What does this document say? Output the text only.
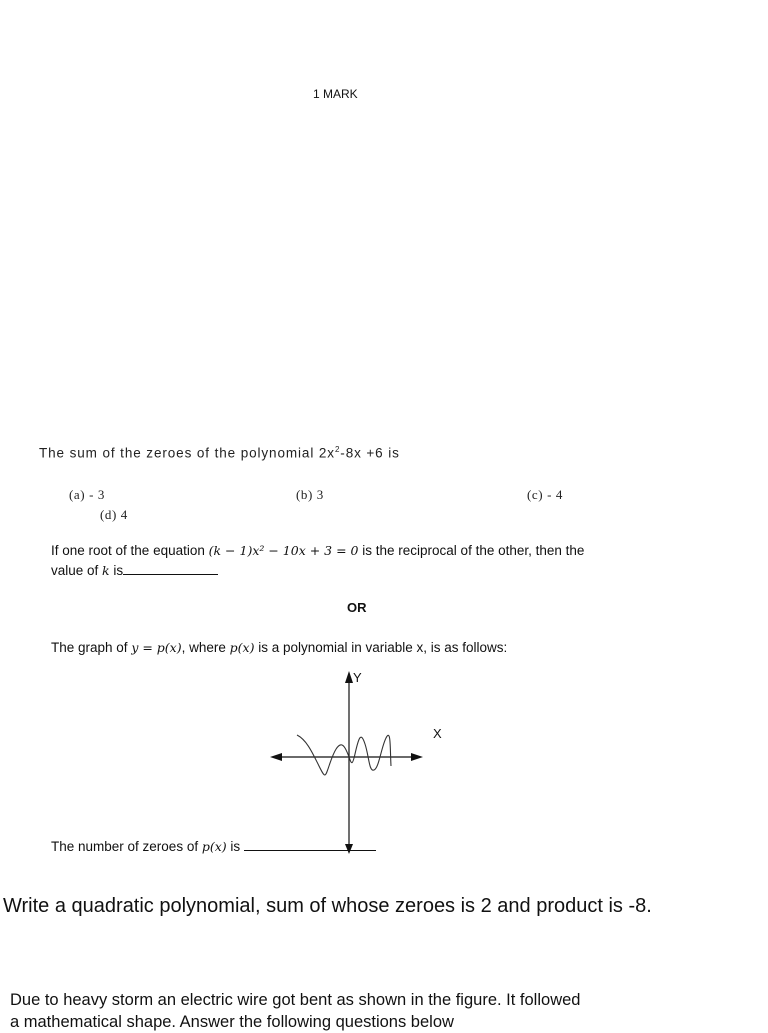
1 MARK
The sum of the zeroes of the polynomial $2x^2-8x +6$ is
(a) - 3	(b) 3	(c) - 4
(d) 4
If one root of the equation (k − 1)x² − 10x + 3 = 0 is the reciprocal of the other, then the
value of k is
OR
The graph of y = p(x), where p(x) is a polynomial in variable x, is as follows:
Y
X
The number of zeroes of p(x) is
Write a quadratic polynomial, sum of whose zeroes is 2 and product is -8.
Due to heavy storm an electric wire got bent as shown in the figure. It followed
a mathematical shape. Answer the following questions below
